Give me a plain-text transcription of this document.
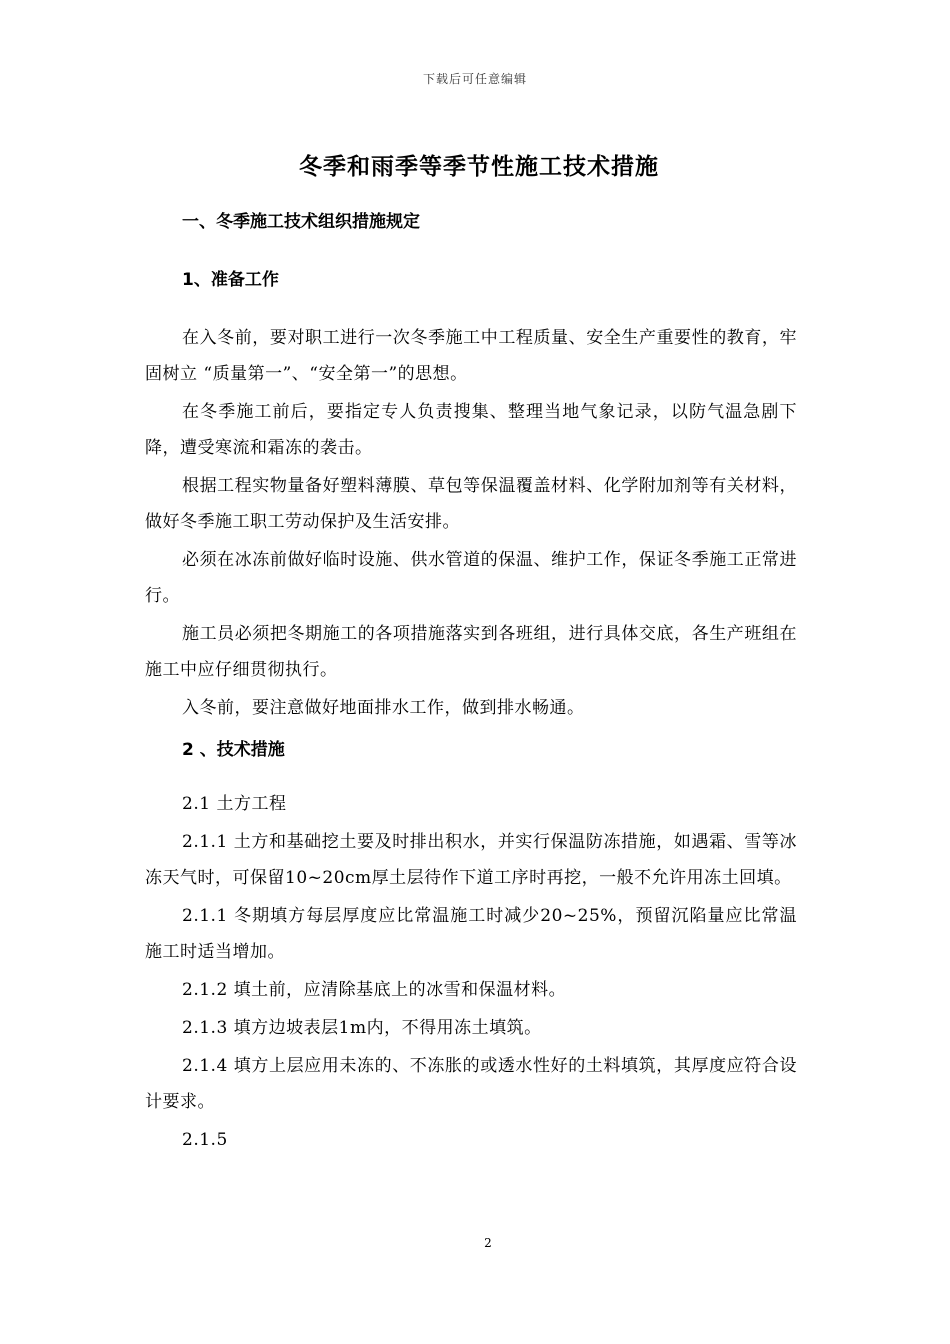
下载后可任意编辑
冬季和雨季等季节性施工技术措施
一、冬季施工技术组织措施规定
1、准备工作

在入冬前，要对职工进行一次冬季施工中工程质量、安全生产重要性的教育，牢固树立 “质量第一”、“安全第一”的思想。

在冬季施工前后，要指定专人负责搜集、整理当地气象记录，以防气温急剧下降，遭受寒流和霜冻的袭击。

根据工程实物量备好塑料薄膜、草包等保温覆盖材料、化学附加剂等有关材料，做好冬季施工职工劳动保护及生活安排。

必须在冰冻前做好临时设施、供水管道的保温、维护工作，保证冬季施工正常进行。

施工员必须把冬期施工的各项措施落实到各班组，进行具体交底，各生产班组在施工中应仔细贯彻执行。

入冬前，要注意做好地面排水工作，做到排水畅通。

2 、技术措施

2.1 土方工程

2.1.1 土方和基础挖土要及时排出积水，并实行保温防冻措施，如遇霜、雪等冰冻天气时，可保留10~20cm厚土层待作下道工序时再挖，一般不允许用冻土回填。

2.1.1 冬期填方每层厚度应比常温施工时减少20~25%，预留沉陷量应比常温施工时适当增加。

2.1.2 填土前，应清除基底上的冰雪和保温材料。

2.1.3 填方边坡表层1m内，不得用冻土填筑。

2.1.4 填方上层应用未冻的、不冻胀的或透水性好的土料填筑，其厚度应符合设计要求。

2.1.5

2
